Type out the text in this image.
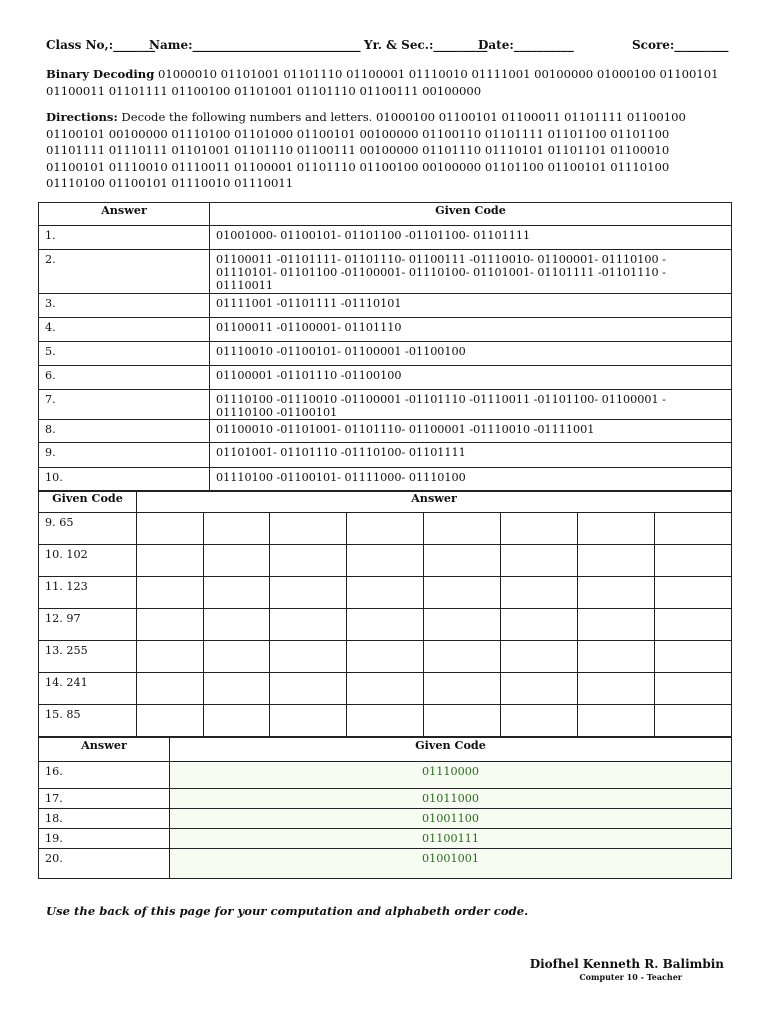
Class No,:_______
Name:____________________________ Yr. & Sec.:_________
Date:__________	Score:_________
Binary Decoding 01000010 01101001 01101110 01100001 01110010 01111001 00100000 01000100 01100101 01100011 01101111 01100100 01101001 01101110 01100111 00100000
Directions: Decode the following numbers and letters. 01000100 01100101 01100011 01101111 01100100 01100101 00100000 01110100 01101000 01100101 00100000 01100110 01101111 01101100 01101100 01101111 01110111 01101001 01101110 01100111 00100000 01101110 01110101 01101101 01100010 01100101 01110010 01110011 01100001 01101110 01100100 00100000 01101100 01100101 01110100 01110100 01100101 01110010 01110011
Answer	Given Code
1.	01001000- 01100101- 01101100 -01101100- 01101111
2.	01100011 -01101111- 01101110- 01100111 -01110010- 01100001- 01110100 - 01110101- 01101100 -01100001- 01110100- 01101001- 01101111 -01101110 - 01110011
3.	01111001 -01101111 -01110101
4.	01100011 -01100001- 01101110
5.	01110010 -01100101- 01100001 -01100100
6.	01100001 -01101110 -01100100
7.	01110100 -01110010 -01100001 -01101110 -01110011 -01101100- 01100001 - 01110100 -01100101
8.	01100010 -01101001- 01101110- 01100001 -01110010 -01111001
9.	01101001- 01101110 -01110100- 01101111
10.	01110100 -01100101- 01111000- 01110100
Given Code	Answer							
9. 65								
10. 102								
11. 123								
12. 97								
13. 255								
14. 241								
15. 85								
Answer	Given Code
16.	01110000
17.	01011000
18.	01001100
19.	01100111
20.	01001001
Use the back of this page for your computation and alphabeth order code.
Diofhel Kenneth R. Balimbin
Computer 10 - Teacher
